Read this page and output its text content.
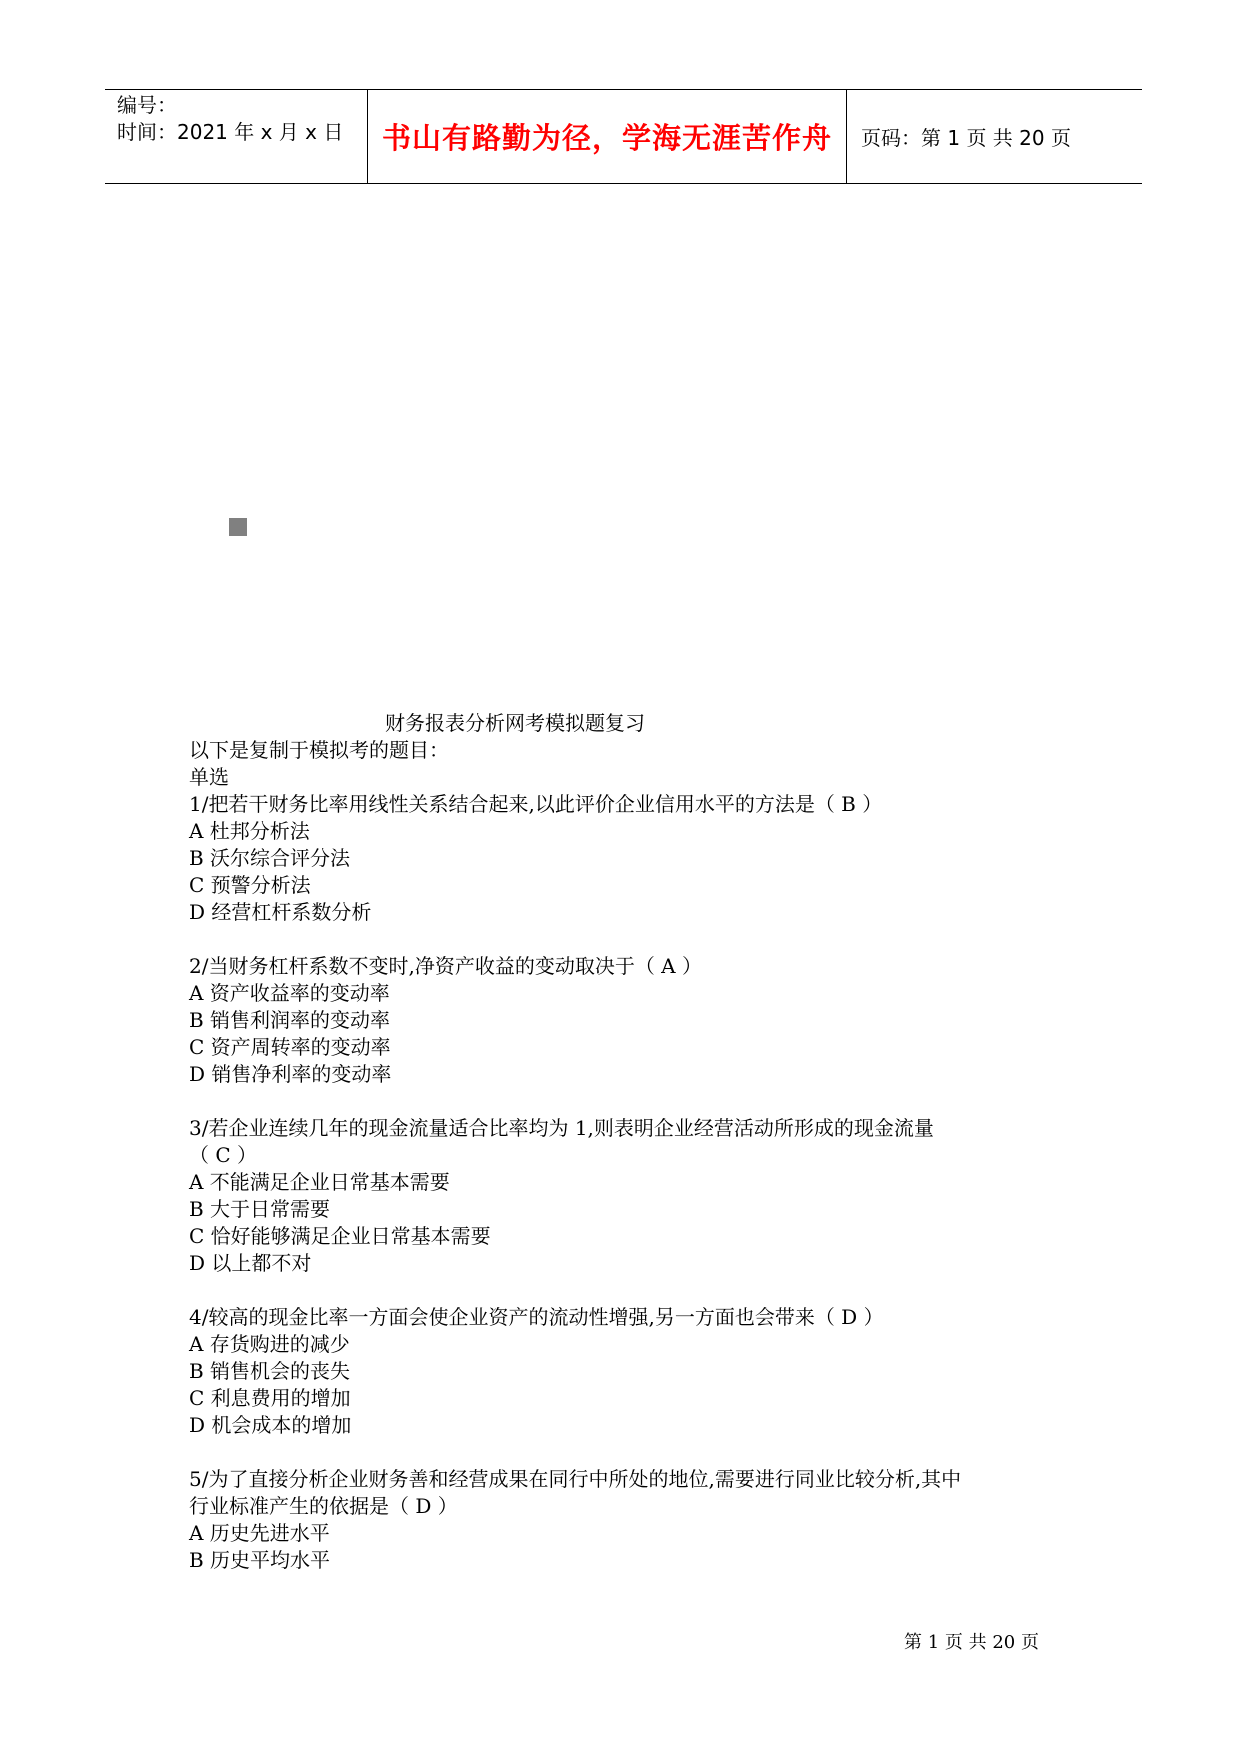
编号：
时间：2021 年 x 月 x 日 书山有路勤为径，学海无涯苦作舟 页码：第 1 页 共 20 页
财务报表分析网考模拟题复习
以下是复制于模拟考的题目：
单选
1/把若干财务比率用线性关系结合起来,以此评价企业信用水平的方法是（ B ）
A 杜邦分析法
B 沃尔综合评分法
C 预警分析法
D 经营杠杆系数分析
2/当财务杠杆系数不变时,净资产收益的变动取决于（ A ）
A 资产收益率的变动率
B 销售利润率的变动率
C 资产周转率的变动率
D 销售净利率的变动率
3/若企业连续几年的现金流量适合比率均为 1,则表明企业经营活动所形成的现金流量
（ C ）
A 不能满足企业日常基本需要
B 大于日常需要
C 恰好能够满足企业日常基本需要
D 以上都不对
4/较高的现金比率一方面会使企业资产的流动性增强,另一方面也会带来（ D ）
A 存货购进的减少
B 销售机会的丧失
C 利息费用的增加
D 机会成本的增加
5/为了直接分析企业财务善和经营成果在同行中所处的地位,需要进行同业比较分析,其中
行业标准产生的依据是（ D ）
A 历史先进水平
B 历史平均水平
第 1 页 共 20 页
